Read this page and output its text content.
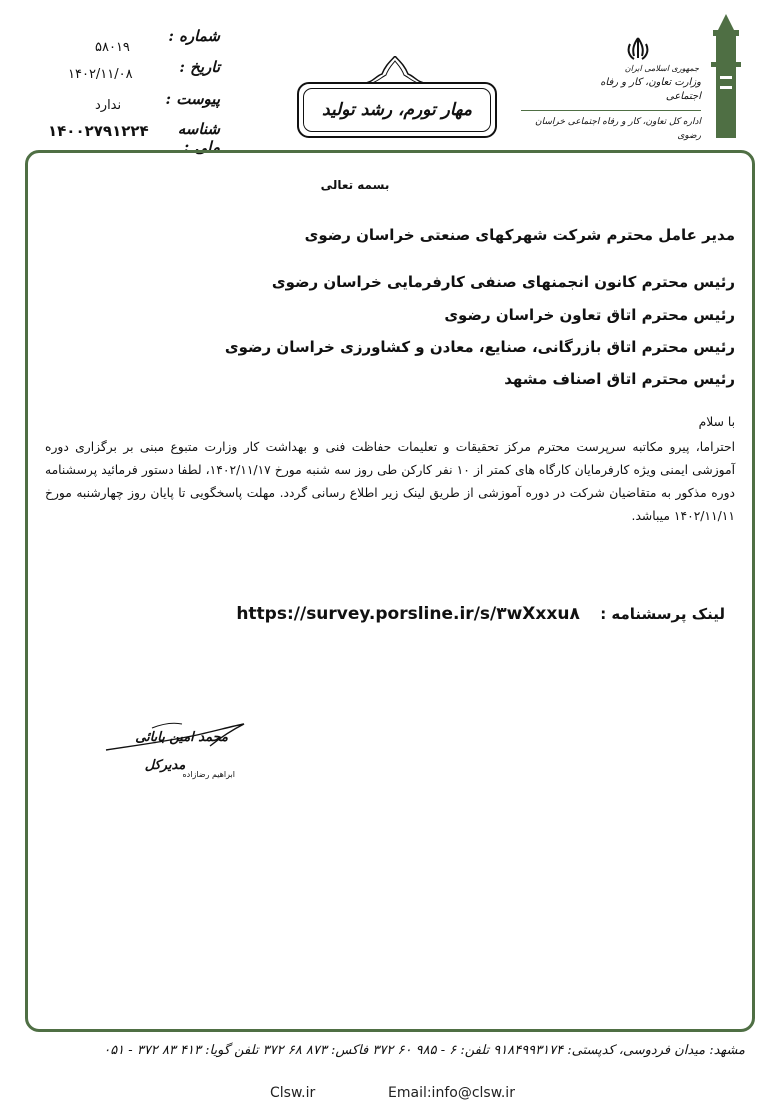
جمهوری اسلامی ایران
وزارت تعاون، کار و رفاه اجتماعی
اداره کل تعاون، کار و رفاه اجتماعی خراسان رضوی
مهار تورم، رشد تولید
شماره :
۵۸۰۱۹
تاریخ :
۱۴۰۲/۱۱/۰۸
پیوست :
ندارد
شناسه ملی :
۱۴۰۰۲۷۹۱۲۲۴
بسمه تعالی
مدیر عامل محترم شرکت شهرکهای صنعتی خراسان رضوی
رئیس محترم کانون انجمنهای صنفی کارفرمایی خراسان رضوی
رئیس محترم اتاق تعاون خراسان رضوی
رئیس محترم اتاق بازرگانی، صنایع، معادن و کشاورزی خراسان رضوی
رئیس محترم اتاق اصناف مشهد
با سلام
احتراما، پیرو مکاتبه سرپرست محترم مرکز تحقیقات و تعلیمات حفاظت فنی و بهداشت کار وزارت متبوع مبنی بر برگزاری دوره آموزشی ایمنی ویژه کارفرمایان کارگاه های کمتر از ۱۰ نفر کارکن طی روز سه شنبه مورخ ۱۴۰۲/۱۱/۱۷، لطفا دستور فرمائید پرسشنامه دوره مذکور به متقاضیان شرکت در دوره آموزشی از طریق لینک زیر اطلاع رسانی گردد. مهلت پاسخگویی تا پایان روز چهارشنبه مورخ ۱۴۰۲/۱۱/۱۱ میباشد.
لینک پرسشنامه :    https://survey.porsline.ir/s/۳wXxxu۸
محمد امین بابائی
مدیرکل
ابراهیم رضازاده
مشهد: میدان فردوسی، کدپستی: ۹۱۸۴۹۹۳۱۷۴ تلفن: ۶ - ۹۸۵ ۶۰ ۳۷۲ فاکس: ۸۷۳ ۶۸ ۳۷۲ تلفن گویا: ۴۱۳ ۸۳ ۳۷۲ - ۰۵۱
Clsw.ir	Email:info@clsw.ir
